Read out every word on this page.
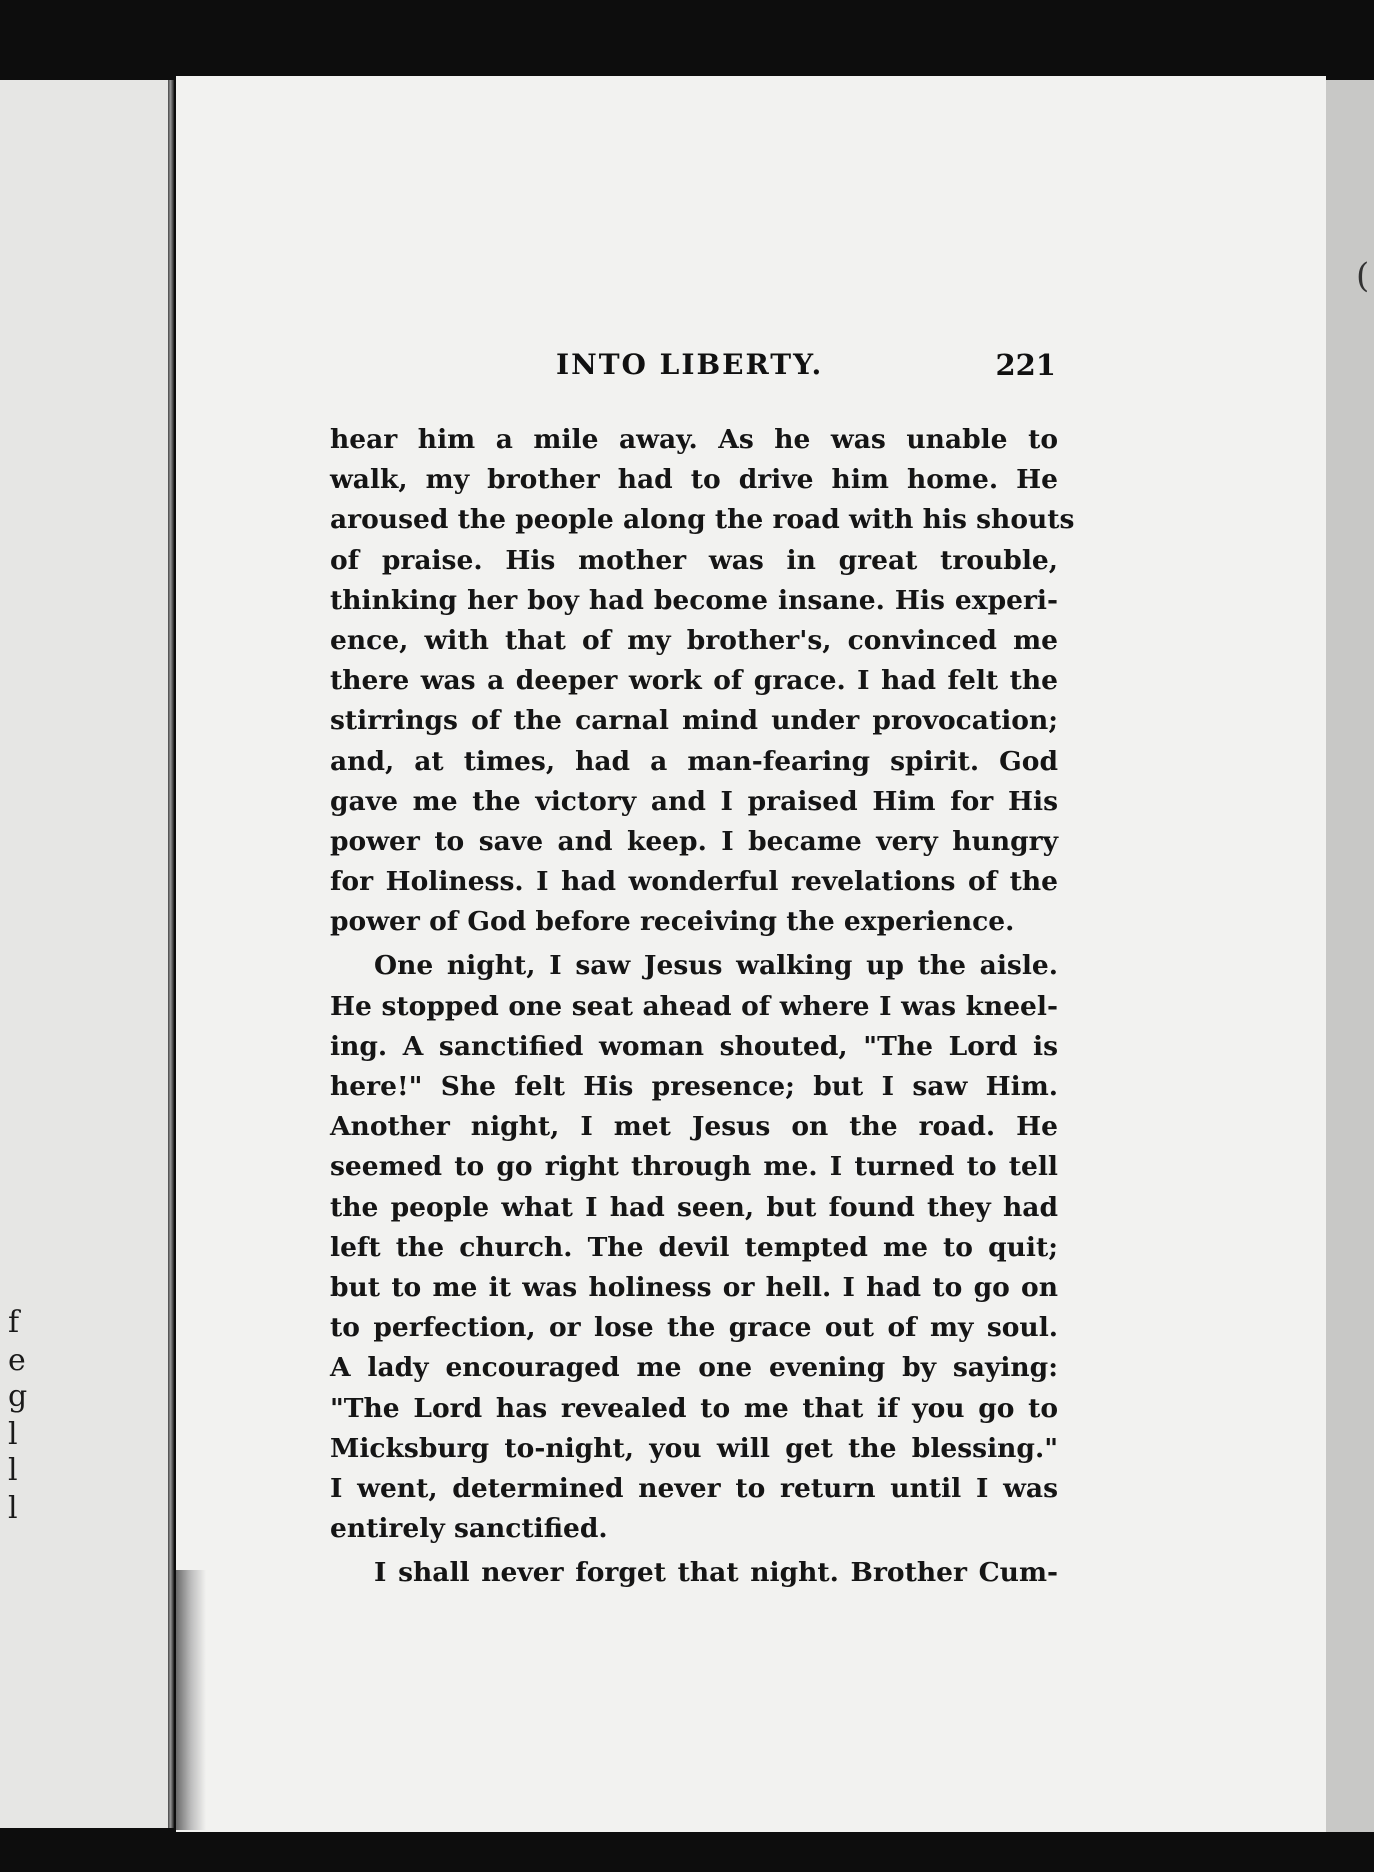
(
f
e
g
l
l
l
INTO LIBERTY.	221
hear him a mile away. As he was unable to
walk, my brother had to drive him home. He
aroused the people along the road with his shouts
of praise. His mother was in great trouble,
thinking her boy had become insane. His experi-
ence, with that of my brother's, convinced me
there was a deeper work of grace. I had felt the
stirrings of the carnal mind under provocation;
and, at times, had a man-fearing spirit. God
gave me the victory and I praised Him for His
power to save and keep. I became very hungry
for Holiness. I had wonderful revelations of the
power of God before receiving the experience.
One night, I saw Jesus walking up the aisle.
He stopped one seat ahead of where I was kneel-
ing. A sanctified woman shouted, "The Lord is
here!" She felt His presence; but I saw Him.
Another night, I met Jesus on the road. He
seemed to go right through me. I turned to tell
the people what I had seen, but found they had
left the church. The devil tempted me to quit;
but to me it was holiness or hell. I had to go on
to perfection, or lose the grace out of my soul.
A lady encouraged me one evening by saying:
"The Lord has revealed to me that if you go to
Micksburg to-night, you will get the blessing."
I went, determined never to return until I was
entirely sanctified.
I shall never forget that night. Brother Cum-
